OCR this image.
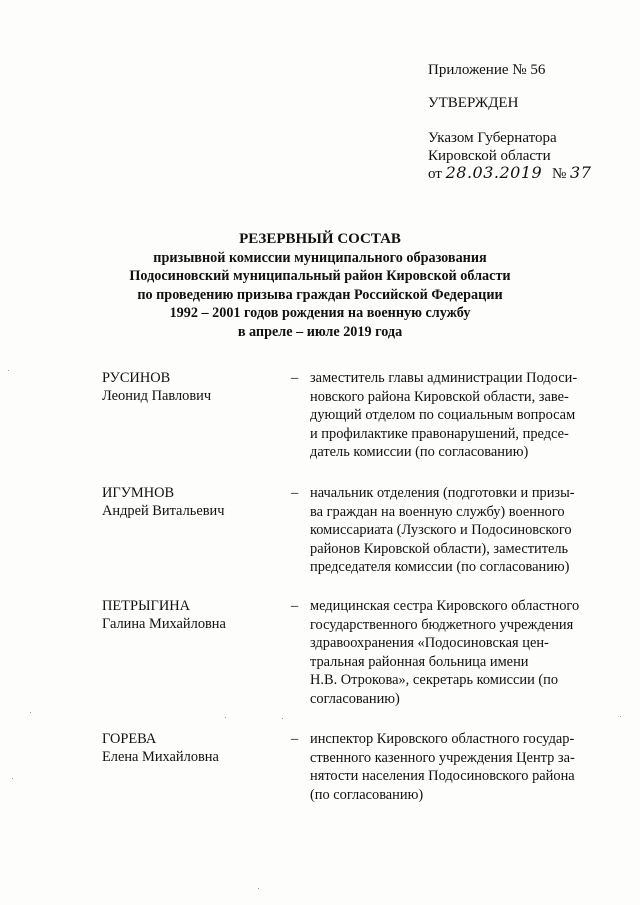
Приложение № 56
УТВЕРЖДЕН
Указом Губернатора
Кировской области
от 28.03.2019 № 37
РЕЗЕРВНЫЙ СОСТАВ
призывной комиссии муниципального образования
Подосиновский муниципальный район Кировской области
по проведению призыва граждан Российской Федерации
1992 – 2001 годов рождения на военную службу
в апреле – июле 2019 года
РУСИНОВ
Леонид Павлович
– заместитель главы администрации Подоси-
новского района Кировской области, заве-
дующий отделом по социальным вопросам
и профилактике правонарушений, предсе-
датель комиссии (по согласованию)
ИГУМНОВ
Андрей Витальевич
– начальник отделения (подготовки и призы-
ва граждан на военную службу) военного
комиссариата (Лузского и Подосиновского
районов Кировской области), заместитель
председателя комиссии (по согласованию)
ПЕТРЫГИНА
Галина Михайловна
– медицинская сестра Кировского областного
государственного бюджетного учреждения
здравоохранения «Подосиновская цен-
тральная районная больница имени
Н.В. Отрокова», секретарь комиссии (по
согласованию)
ГОРЕВА
Елена Михайловна
– инспектор Кировского областного государ-
ственного казенного учреждения Центр за-
нятости населения Подосиновского района
(по согласованию)
